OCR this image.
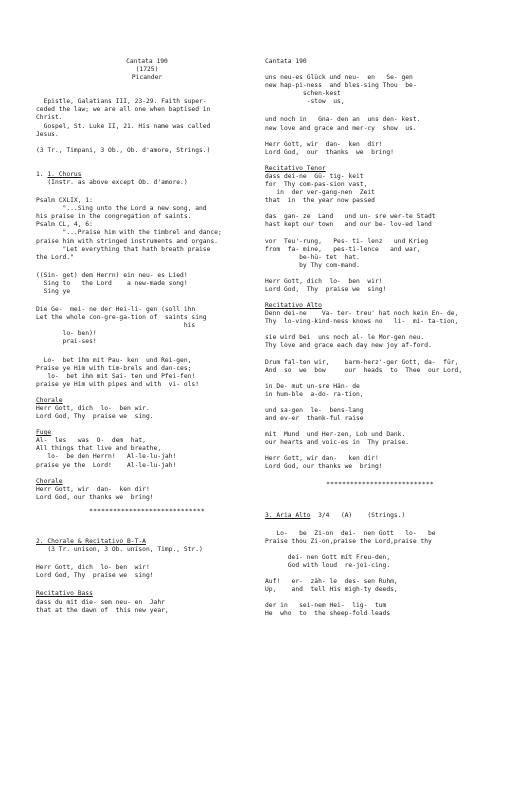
Cantata 190
(1725)
Picander
Epistle, Galatians III, 23-29. Faith super-
ceded the law; we are all one when baptised in
Christ.
Gospel, St. Luke II, 21. His name was called
Jesus.
(3 Tr., Timpani, 3 Ob., Ob. d'amore, Strings.)
1. 1. Chorus
(Instr. as above except Ob. d'amore.)
Psalm CXLIX, 1:
"...Sing unto the Lord a new song, and
his praise in the congregation of saints.
Psalm CL, 4, 6:
"...Praise him with the timbrel and dance;
praise him with stringed instruments and organs.
"Let everything that hath breath praise
the Lord."
((Sin- get) dem Herrn) ein neu- es Lied!
Sing to   the Lord    a new-made song!
Sing ye
Die Ge-  mei- ne der Hei-li- gen (soll ihn
Let the whole con-gre-ga-tion of  saints sing
his
lo- ben)!
prai-ses!
Lo-  bet ihm mit Pau- ken  und Rei-gen,
Praise ye Him with tim-brels and dan-ces;
lo-  bet ihm mit Sai- ten und Pfei-fen!
praise ye Him with pipes and with  vi- ols!
Chorale
Herr Gott, dich  lo-  ben wir.
Lord God, Thy  praise we  sing.
Fuge
Al-  les   was  O-  dem  hat,
All things that live and breathe,
lo-  be den Herrn!   Al-le-lu-jah!
praise ye the  Lord!    Al-le-lu-jah!
Chorale
Herr Gott, wir  dan-  ken dir!
Lord God, our thanks we  bring!
*****************************
2. Chorale & Recitativo B-T-A
(3 Tr. unison, 3 Ob. unison, Timp., Str.)
Herr Gott, dich  lo- ben  wir!
Lord God, Thy  praise we  sing!
Recitativo Bass
dass du mit die- sem neu- en  Jahr
that at the dawn of  this new year,
Cantata 190
uns neu-es Glück und neu-  en   Se- gen
new hap-pi-ness  and bles-sing Thou  be-
schen-kest
-stow  us,
und noch in   Gna- den an  uns den- kest.
new love and grace and mer-cy  show  us.
Herr Gott, wir  dan-  ken  dir!
Lord God,  our  thanks  we  bring!
Recitativo Tenor
dass dei-ne  Gü- tig- keit
for  Thy com-pas-sion vast,
in  der ver-gang-nen  Zeit
that  in  the year now passed
das  gan- ze  Land   und un- sre wer-te Stadt
hast kept our town   and our be- lov-ed land
vor  Teu'-rung,   Pes- ti- lenz   und Krieg
from  fa- mine,   pes-ti-lence   and war,
be-hü- tet  hat.
by Thy com-mand.
Herr Gott, dich  lo-  ben  wir!
Lord God,  Thy  praise we  sing!
Recitativo Alto
Denn dei-ne    Va- ter- treu' hat noch kein En- de,
Thy  lo-ving-kind-ness knows no   li-  mi- ta-tion,
sie wird bei  uns noch al- le Mor-gen neu.
Thy love and grace each day new joy af-ford.
Drum fal-ten wir,    barm-herz'-ger Gott, da-  für,
And  so  we  bow     our  heads  to  Thee  our Lord,
in De- mut un-sre Hän- de
in hum-ble  a-do- ra-tion,
und sa-gen  le-  bens-lang
and ev-er  thank-ful raise
mit  Mund  und Her-zen, Lob und Dank.
our hearts and voic-es in  Thy praise.
Herr Gott, wir dan-   ken dir!
Lord God, our thanks we  bring!
***************************
3. Aria Alto  3/4   (A)    (Strings.)
Lo-   be  Zi-on  dei-  nen Gott   lo-   be
Praise thou Zi-on,praise the Lord,praise thy
dei- nen Gott mit Freu-den,
God with loud  re-joi-cing.
Auf!   er-  zäh- le  des- sen Ruhm,
Up,    and  tell His migh-ty deeds,
der in   sei-nem Hei-  lig-  tum
He  who  to  the sheep-fold leads
